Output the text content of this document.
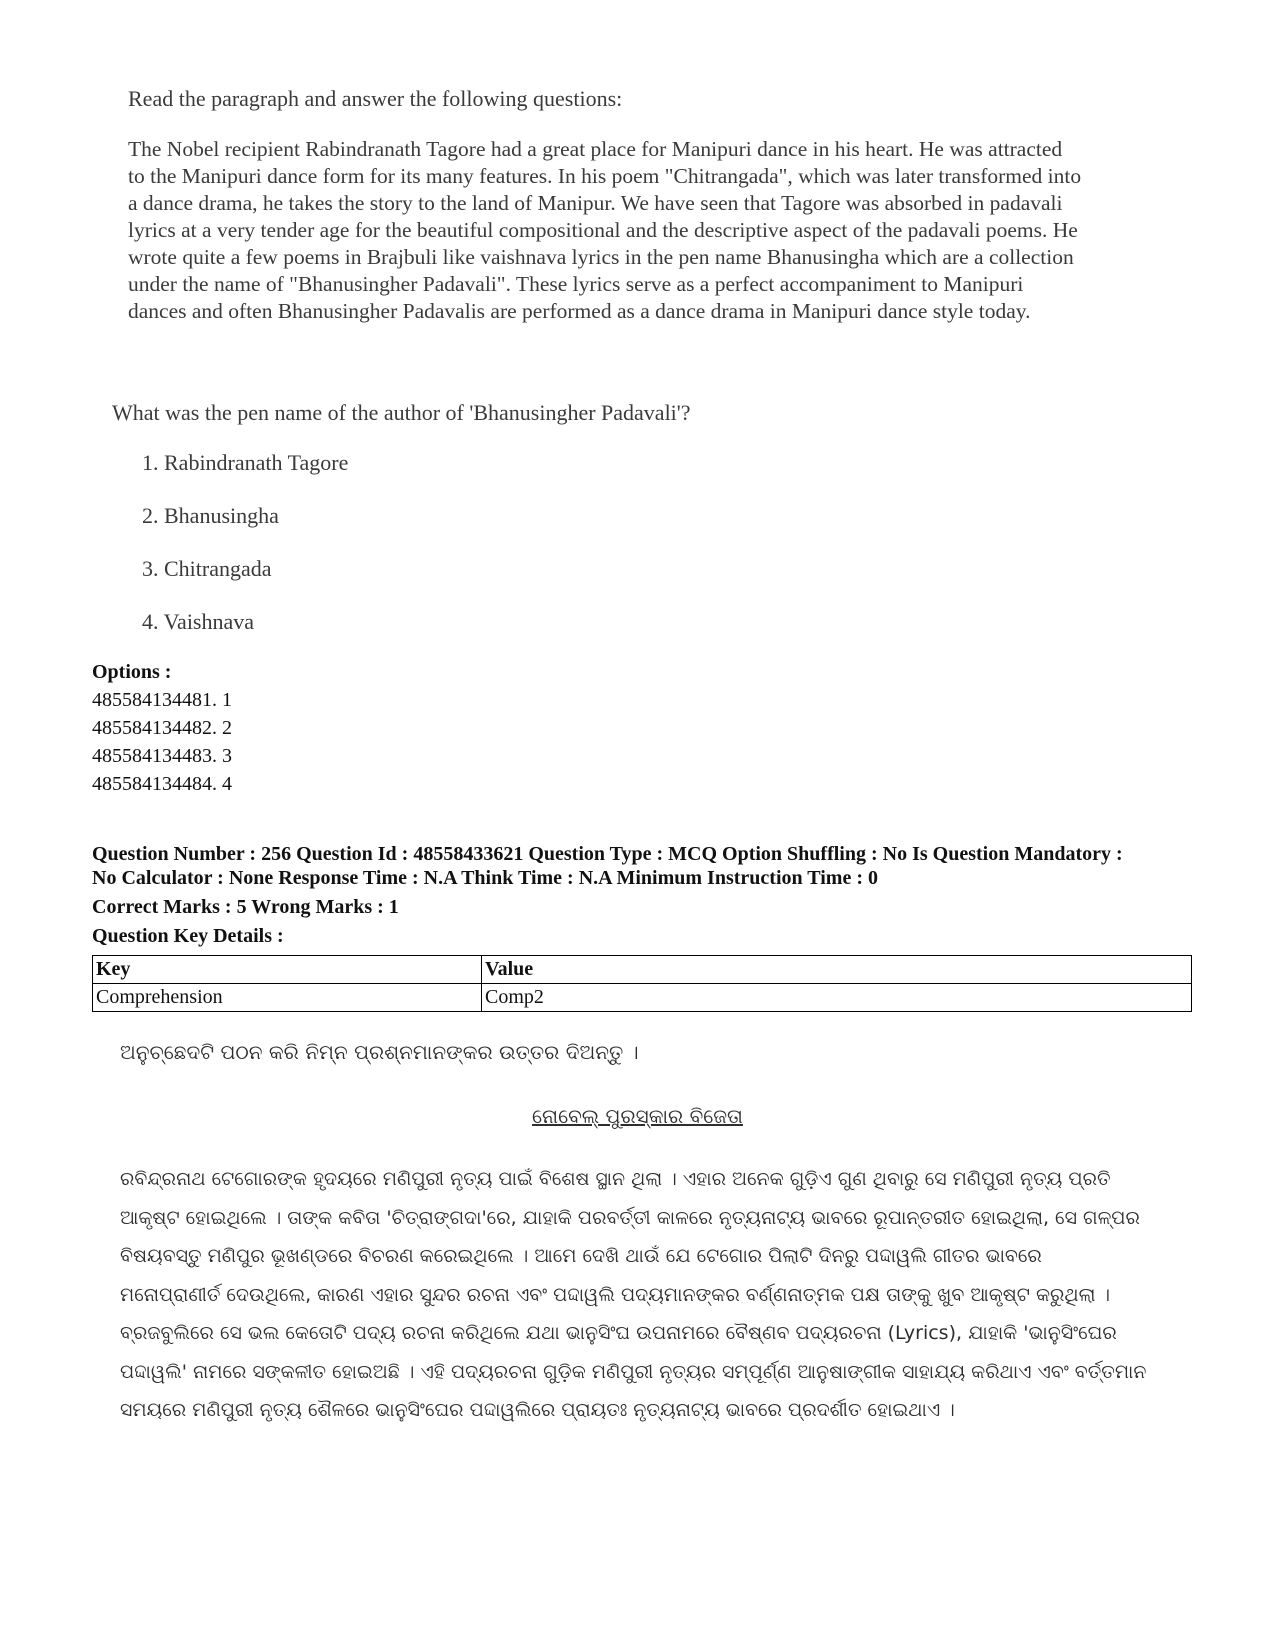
Read the paragraph and answer the following questions:
The Nobel recipient Rabindranath Tagore had a great place for Manipuri dance in his heart. He was attracted
to the Manipuri dance form for its many features. In his poem "Chitrangada", which was later transformed into
a dance drama, he takes the story to the land of Manipur. We have seen that Tagore was absorbed in padavali
lyrics at a very tender age for the beautiful compositional and the descriptive aspect of the padavali poems. He
wrote quite a few poems in Brajbuli like vaishnava lyrics in the pen name Bhanusingha which are a collection
under the name of "Bhanusingher Padavali". These lyrics serve as a perfect accompaniment to Manipuri
dances and often Bhanusingher Padavalis are performed as a dance drama in Manipuri dance style today.
What was the pen name of the author of 'Bhanusingher Padavali'?
1. Rabindranath Tagore
2. Bhanusingha
3. Chitrangada
4. Vaishnava
Options :
485584134481. 1
485584134482. 2
485584134483. 3
485584134484. 4
Question Number : 256 Question Id : 48558433621 Question Type : MCQ Option Shuffling : No Is Question Mandatory :
No Calculator : None Response Time : N.A Think Time : N.A Minimum Instruction Time : 0
Correct Marks : 5 Wrong Marks : 1
Question Key Details :
Key	Value
Comprehension	Comp2
ଅନୁଚ୍ଛେଦଟି ପଠନ କରି ନିମ୍ନ ପ୍ରଶ୍ନମାନଙ୍କର ଉତ୍ତର ଦିଅନ୍ତୁ ।
ନୋବେଲ୍ ପୁରସ୍କାର ବିଜେତା
ରବିନ୍ଦ୍ରନାଥ ଟେଗୋରଙ୍କ ହୃଦୟରେ ମଣିପୁରୀ ନୃତ୍ୟ ପାଇଁ ବିଶେଷ ସ୍ଥାନ ଥିଲା । ଏହାର ଅନେକ ଗୁଡ଼ିଏ ଗୁଣ ଥିବାରୁ ସେ ମଣିପୁରୀ ନୃତ୍ୟ ପ୍ରତି
ଆକୃଷ୍ଟ ହୋଇଥିଲେ । ତାଙ୍କ କବିତା 'ଚିତ୍ରାଙ୍ଗଦା'ରେ, ଯାହାକି ପରବର୍ତ୍ତୀ କାଳରେ ନୃତ୍ୟନାଟ୍ୟ ଭାବରେ ରୂପାନ୍ତରୀତ ହୋଇଥିଲା, ସେ ଗଳ୍ପର
ବିଷୟବସ୍ତୁ ମଣିପୁର ଭୂଖଣ୍ଡରେ ବିଚରଣ କରେଇଥିଲେ । ଆମେ ଦେଖି ଥାଉଁ ଯେ ଟେଗୋର ପିଲାଟି ଦିନରୁ ପଦ୍ଦାୱଲି ଗୀତର ଭାବରେ
ମନୋପ୍ରାଣୀର୍ତ ଦେଉଥିଲେ, କାରଣ ଏହାର ସୁନ୍ଦର ରଚନା ଏବଂ ପଦ୍ଦାୱଲି ପଦ୍ୟମାନଙ୍କର ବର୍ଣ୍ଣନାତ୍ମକ ପକ୍ଷ ତାଙ୍କୁ ଖୁବ ଆକୃଷ୍ଟ କରୁଥିଲା ।
ବ୍ରଜବୁଲିରେ ସେ ଭଲ କେତୋଟି ପଦ୍ୟ ରଚନା କରିଥିଲେ ଯଥା ଭାନୁସିଂଘ ଉପନାମରେ ବୈଷ୍ଣବ ପଦ୍ୟରଚନା (Lyrics), ଯାହାକି 'ଭାନୁସିଂଘେର
ପଦ୍ଦାୱଲି' ନାମରେ ସଙ୍କଳୀତ ହୋଇଅଛି । ଏହି ପଦ୍ୟରଚନା ଗୁଡ଼ିକ ମଣିପୁରୀ ନୃତ୍ୟର ସମ୍ପୂର୍ଣ୍ଣ ଆନୁଷାଙ୍ଗୀକ ସାହାଯ୍ୟ କରିଥାଏ ଏବଂ ବର୍ତ୍ତମାନ
ସମୟରେ ମଣିପୁରୀ ନୃତ୍ୟ ଶୈଳରେ ଭାନୁସିଂଘେର ପଦ୍ଦାୱଲିରେ ପ୍ରାୟତଃ ନୃତ୍ୟନାଟ୍ୟ ଭାବରେ ପ୍ରଦର୍ଶୀତ ହୋଇଥାଏ ।
